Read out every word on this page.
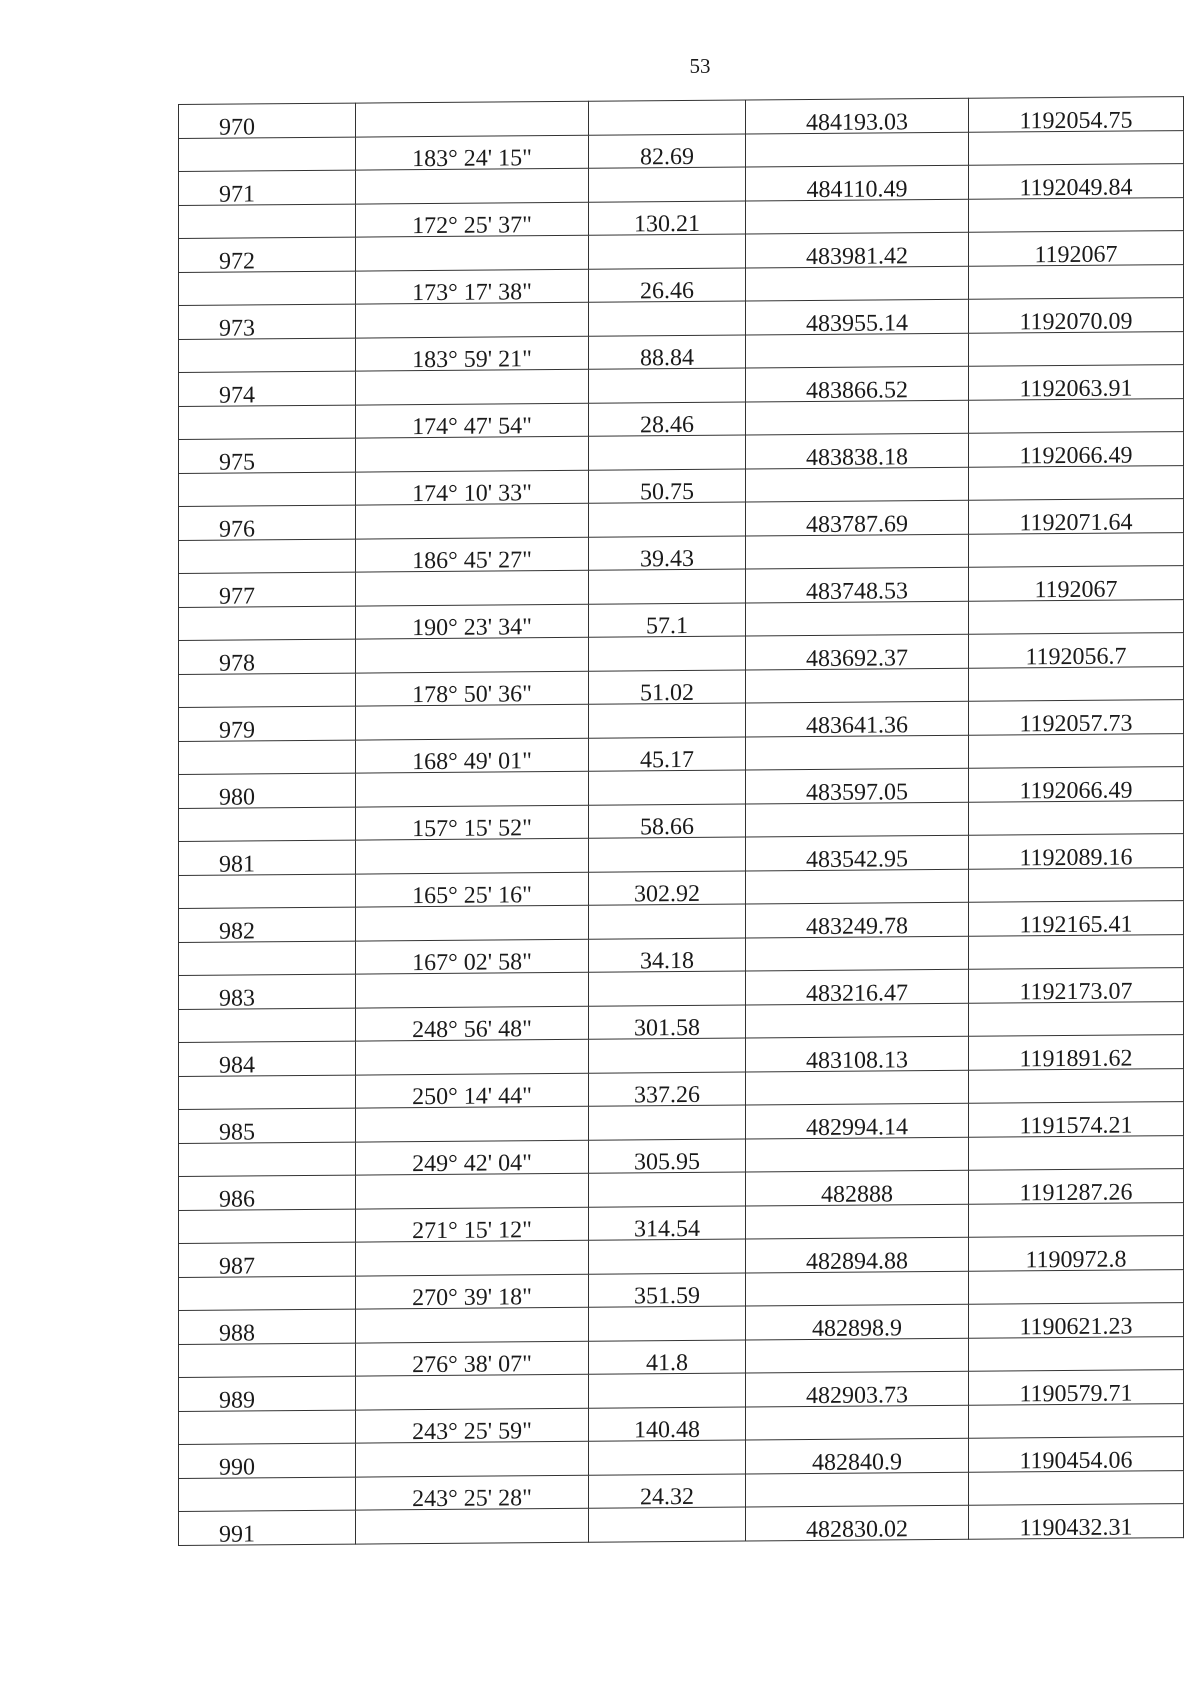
53
970			484193.03	1192054.75
	183° 24' 15"	82.69		
971			484110.49	1192049.84
	172° 25' 37"	130.21		
972			483981.42	1192067
	173° 17' 38"	26.46		
973			483955.14	1192070.09
	183° 59' 21"	88.84		
974			483866.52	1192063.91
	174° 47' 54"	28.46		
975			483838.18	1192066.49
	174° 10' 33"	50.75		
976			483787.69	1192071.64
	186° 45' 27"	39.43		
977			483748.53	1192067
	190° 23' 34"	57.1		
978			483692.37	1192056.7
	178° 50' 36"	51.02		
979			483641.36	1192057.73
	168° 49' 01"	45.17		
980			483597.05	1192066.49
	157° 15' 52"	58.66		
981			483542.95	1192089.16
	165° 25' 16"	302.92		
982			483249.78	1192165.41
	167° 02' 58"	34.18		
983			483216.47	1192173.07
	248° 56' 48"	301.58		
984			483108.13	1191891.62
	250° 14' 44"	337.26		
985			482994.14	1191574.21
	249° 42' 04"	305.95		
986			482888	1191287.26
	271° 15' 12"	314.54		
987			482894.88	1190972.8
	270° 39' 18"	351.59		
988			482898.9	1190621.23
	276° 38' 07"	41.8		
989			482903.73	1190579.71
	243° 25' 59"	140.48		
990			482840.9	1190454.06
	243° 25' 28"	24.32		
991			482830.02	1190432.31
